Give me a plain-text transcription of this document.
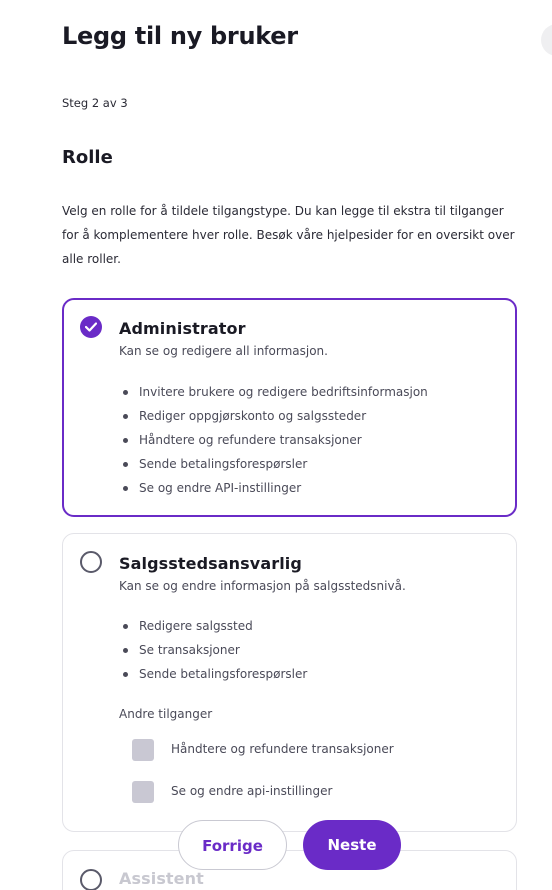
Legg til ny bruker
Steg 2 av 3
Rolle

Velg en rolle for å tildele tilgangstype. Du kan legge til ekstra til tilganger for å komplementere hver rolle. Besøk våre hjelpesider for en oversikt over alle roller.

Administrator
Kan se og redigere all informasjon.
Invitere brukere og redigere bedriftsinformasjon
Rediger oppgjørskonto og salgssteder
Håndtere og refundere transaksjoner
Sende betalingsforespørsler
Se og endre API-instillinger
Salgsstedsansvarlig
Kan se og endre informasjon på salgsstedsnivå.
Redigere salgssted
Se transaksjoner
Sende betalingsforespørsler
Andre tilganger
Håndtere og refundere transaksjoner
Se og endre api-instillinger
Assistent
Forrige	Neste
